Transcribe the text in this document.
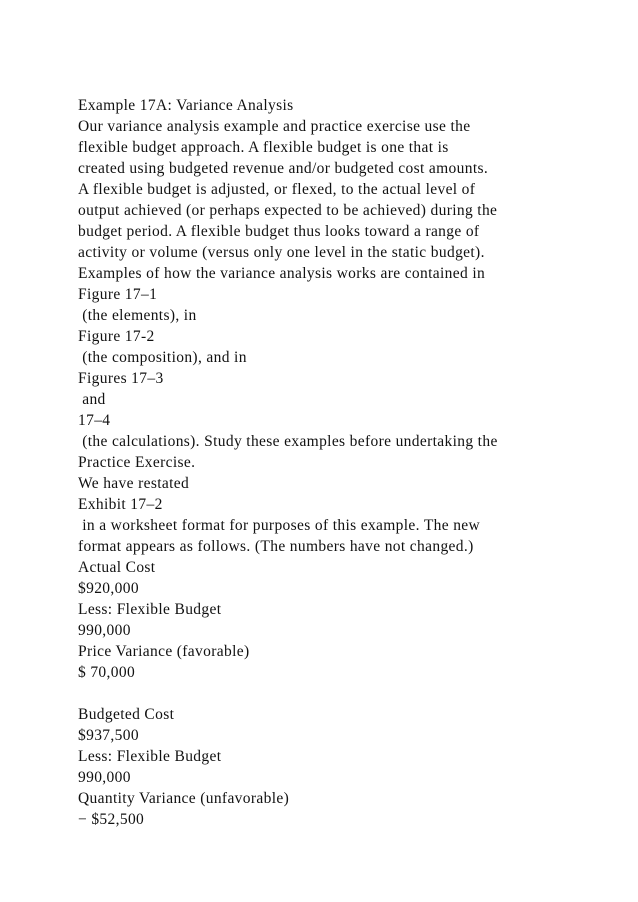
Example 17A: Variance Analysis
Our variance analysis example and practice exercise use the
flexible budget approach. A flexible budget is one that is
created using budgeted revenue and/or budgeted cost amounts.
A flexible budget is adjusted, or flexed, to the actual level of
output achieved (or perhaps expected to be achieved) during the
budget period. A flexible budget thus looks toward a range of
activity or volume (versus only one level in the static budget).
Examples of how the variance analysis works are contained in
Figure 17–1
(the elements), in
Figure 17-2
(the composition), and in
Figures 17–3
and
17–4
(the calculations). Study these examples before undertaking the
Practice Exercise.
We have restated
Exhibit 17–2
in a worksheet format for purposes of this example. The new
format appears as follows. (The numbers have not changed.)
Actual Cost
$920,000
Less: Flexible Budget
990,000
Price Variance (favorable)
$ 70,000
Budgeted Cost
$937,500
Less: Flexible Budget
990,000
Quantity Variance (unfavorable)
− $52,500
